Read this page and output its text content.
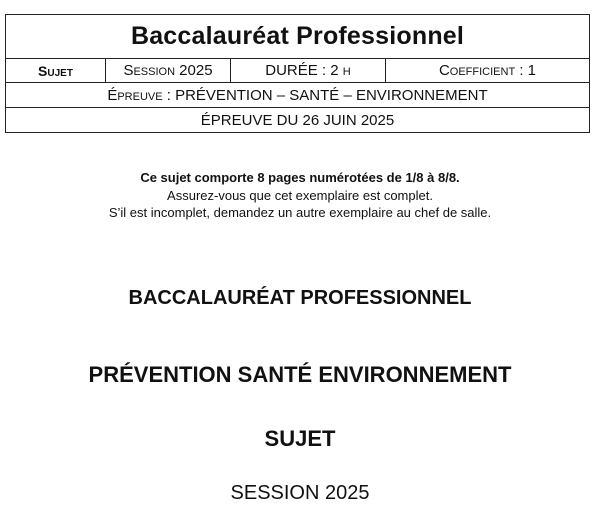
Baccalauréat Professionnel
Sujet	Session 2025	DURÉE : 2 h	Coefficient : 1
Épreuve : PRÉVENTION – SANTÉ – ENVIRONNEMENT
ÉPREUVE DU 26 JUIN 2025
Ce sujet comporte 8 pages numérotées de 1/8 à 8/8.
Assurez-vous que cet exemplaire est complet.
S’il est incomplet, demandez un autre exemplaire au chef de salle.
BACCALAURÉAT PROFESSIONNEL
PRÉVENTION SANTÉ ENVIRONNEMENT
SUJET
SESSION 2025
